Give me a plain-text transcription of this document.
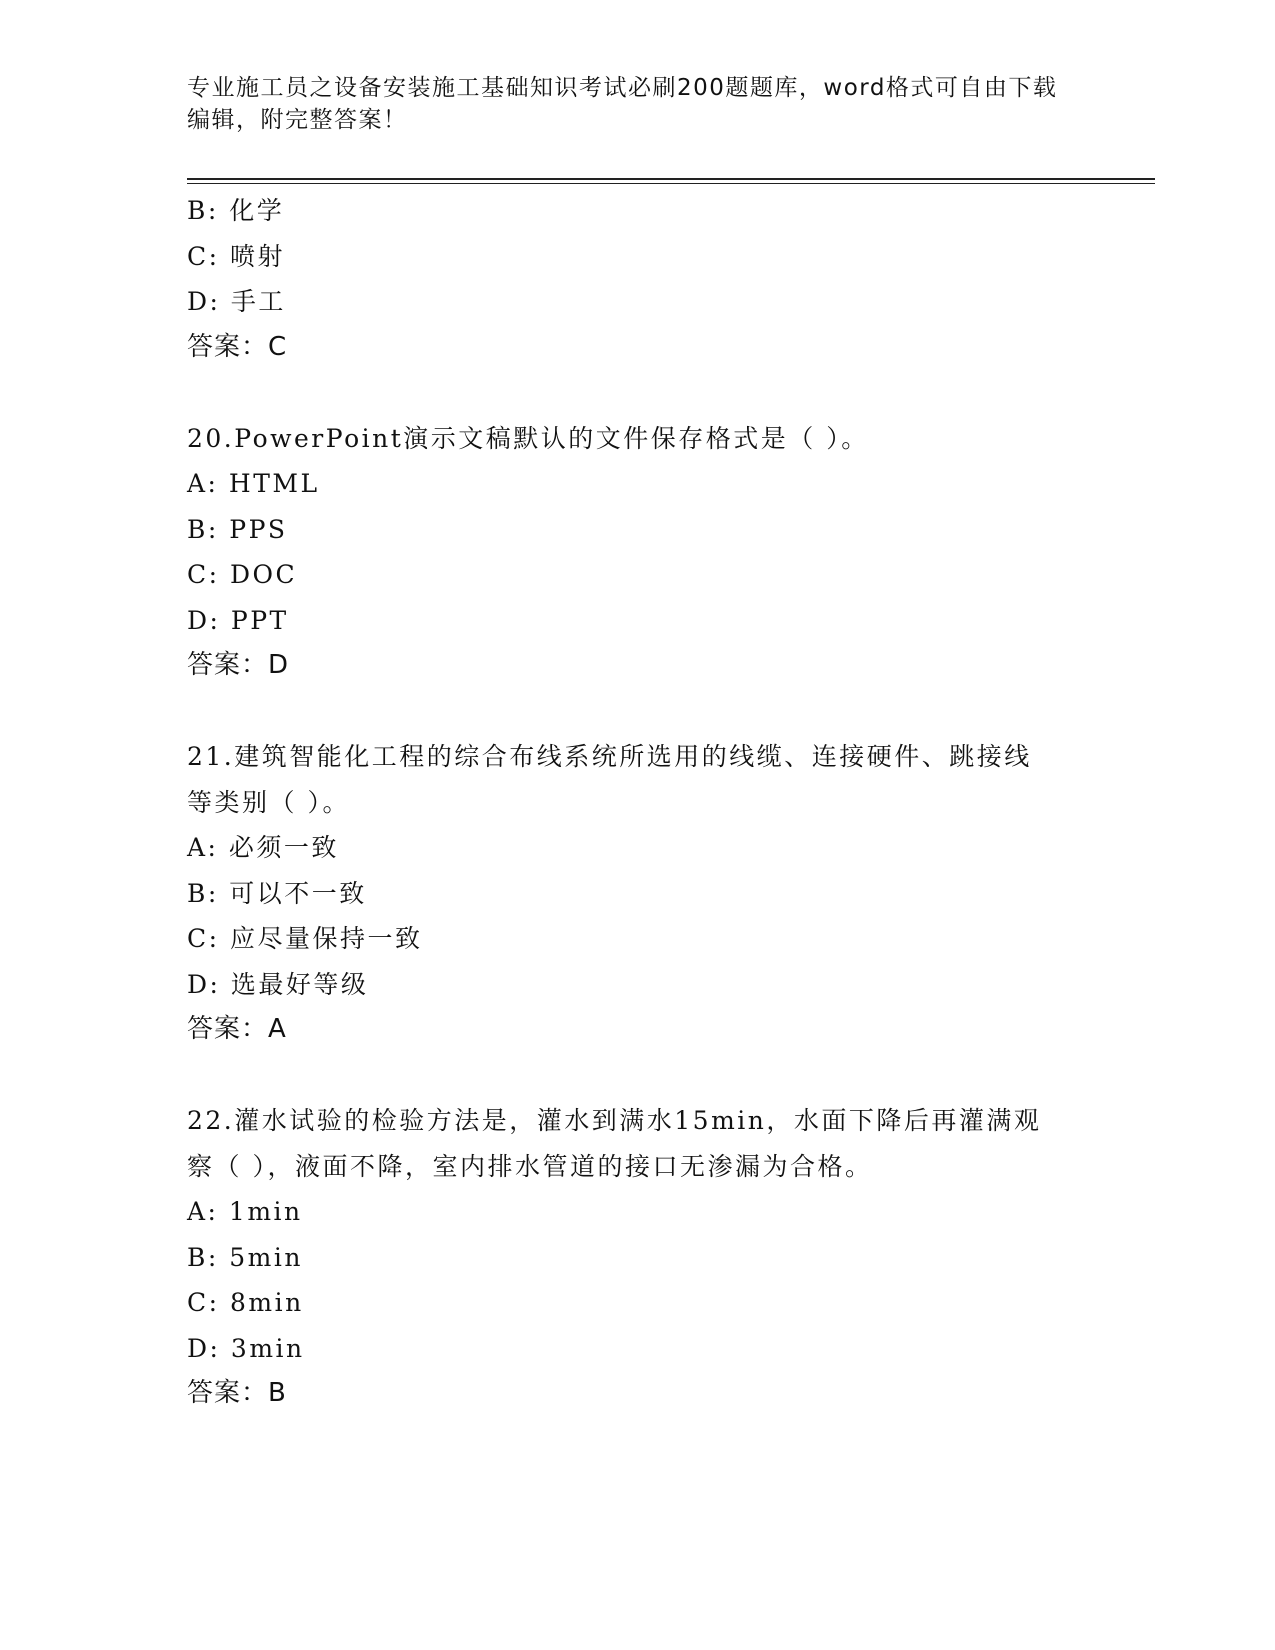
专业施工员之设备安装施工基础知识考试必刷200题题库，word格式可自由下载
编辑，附完整答案！
B: 化学
C: 喷射
D: 手工
答案：C
20.PowerPoint演示文稿默认的文件保存格式是（ ）。
A: HTML
B: PPS
C: DOC
D: PPT
答案：D
21.建筑智能化工程的综合布线系统所选用的线缆、连接硬件、跳接线
等类别（ ）。
A: 必须一致
B: 可以不一致
C: 应尽量保持一致
D: 选最好等级
答案：A
22.灌水试验的检验方法是，灌水到满水15min，水面下降后再灌满观
察（ ），液面不降，室内排水管道的接口无渗漏为合格。
A: 1min
B: 5min
C: 8min
D: 3min
答案：B
